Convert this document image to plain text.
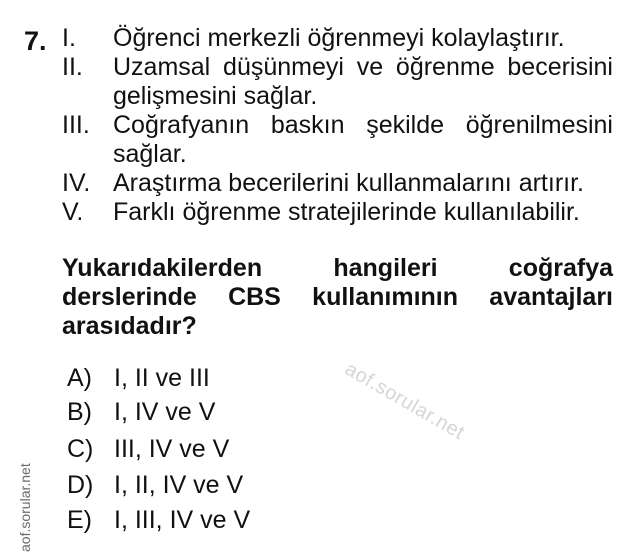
7. I. Öğrenci merkezli öğrenmeyi kolaylaştırır.
II. Uzamsal düşünmeyi ve öğrenme becerisini gelişmesini sağlar.
III. Coğrafyanın baskın şekilde öğrenilmesini sağlar.
IV. Araştırma becerilerini kullanmalarını artırır.
V. Farklı öğrenme stratejilerinde kullanılabilir.
Yukarıdakilerden hangileri coğrafya derslerinde CBS kullanımının avantajları arasıdadır?
A) I, II ve III
B) I, IV ve V
C) III, IV ve V
D) I, II, IV ve V
E) I, III, IV ve V
aof.sorular.net
aof.sorular.net
